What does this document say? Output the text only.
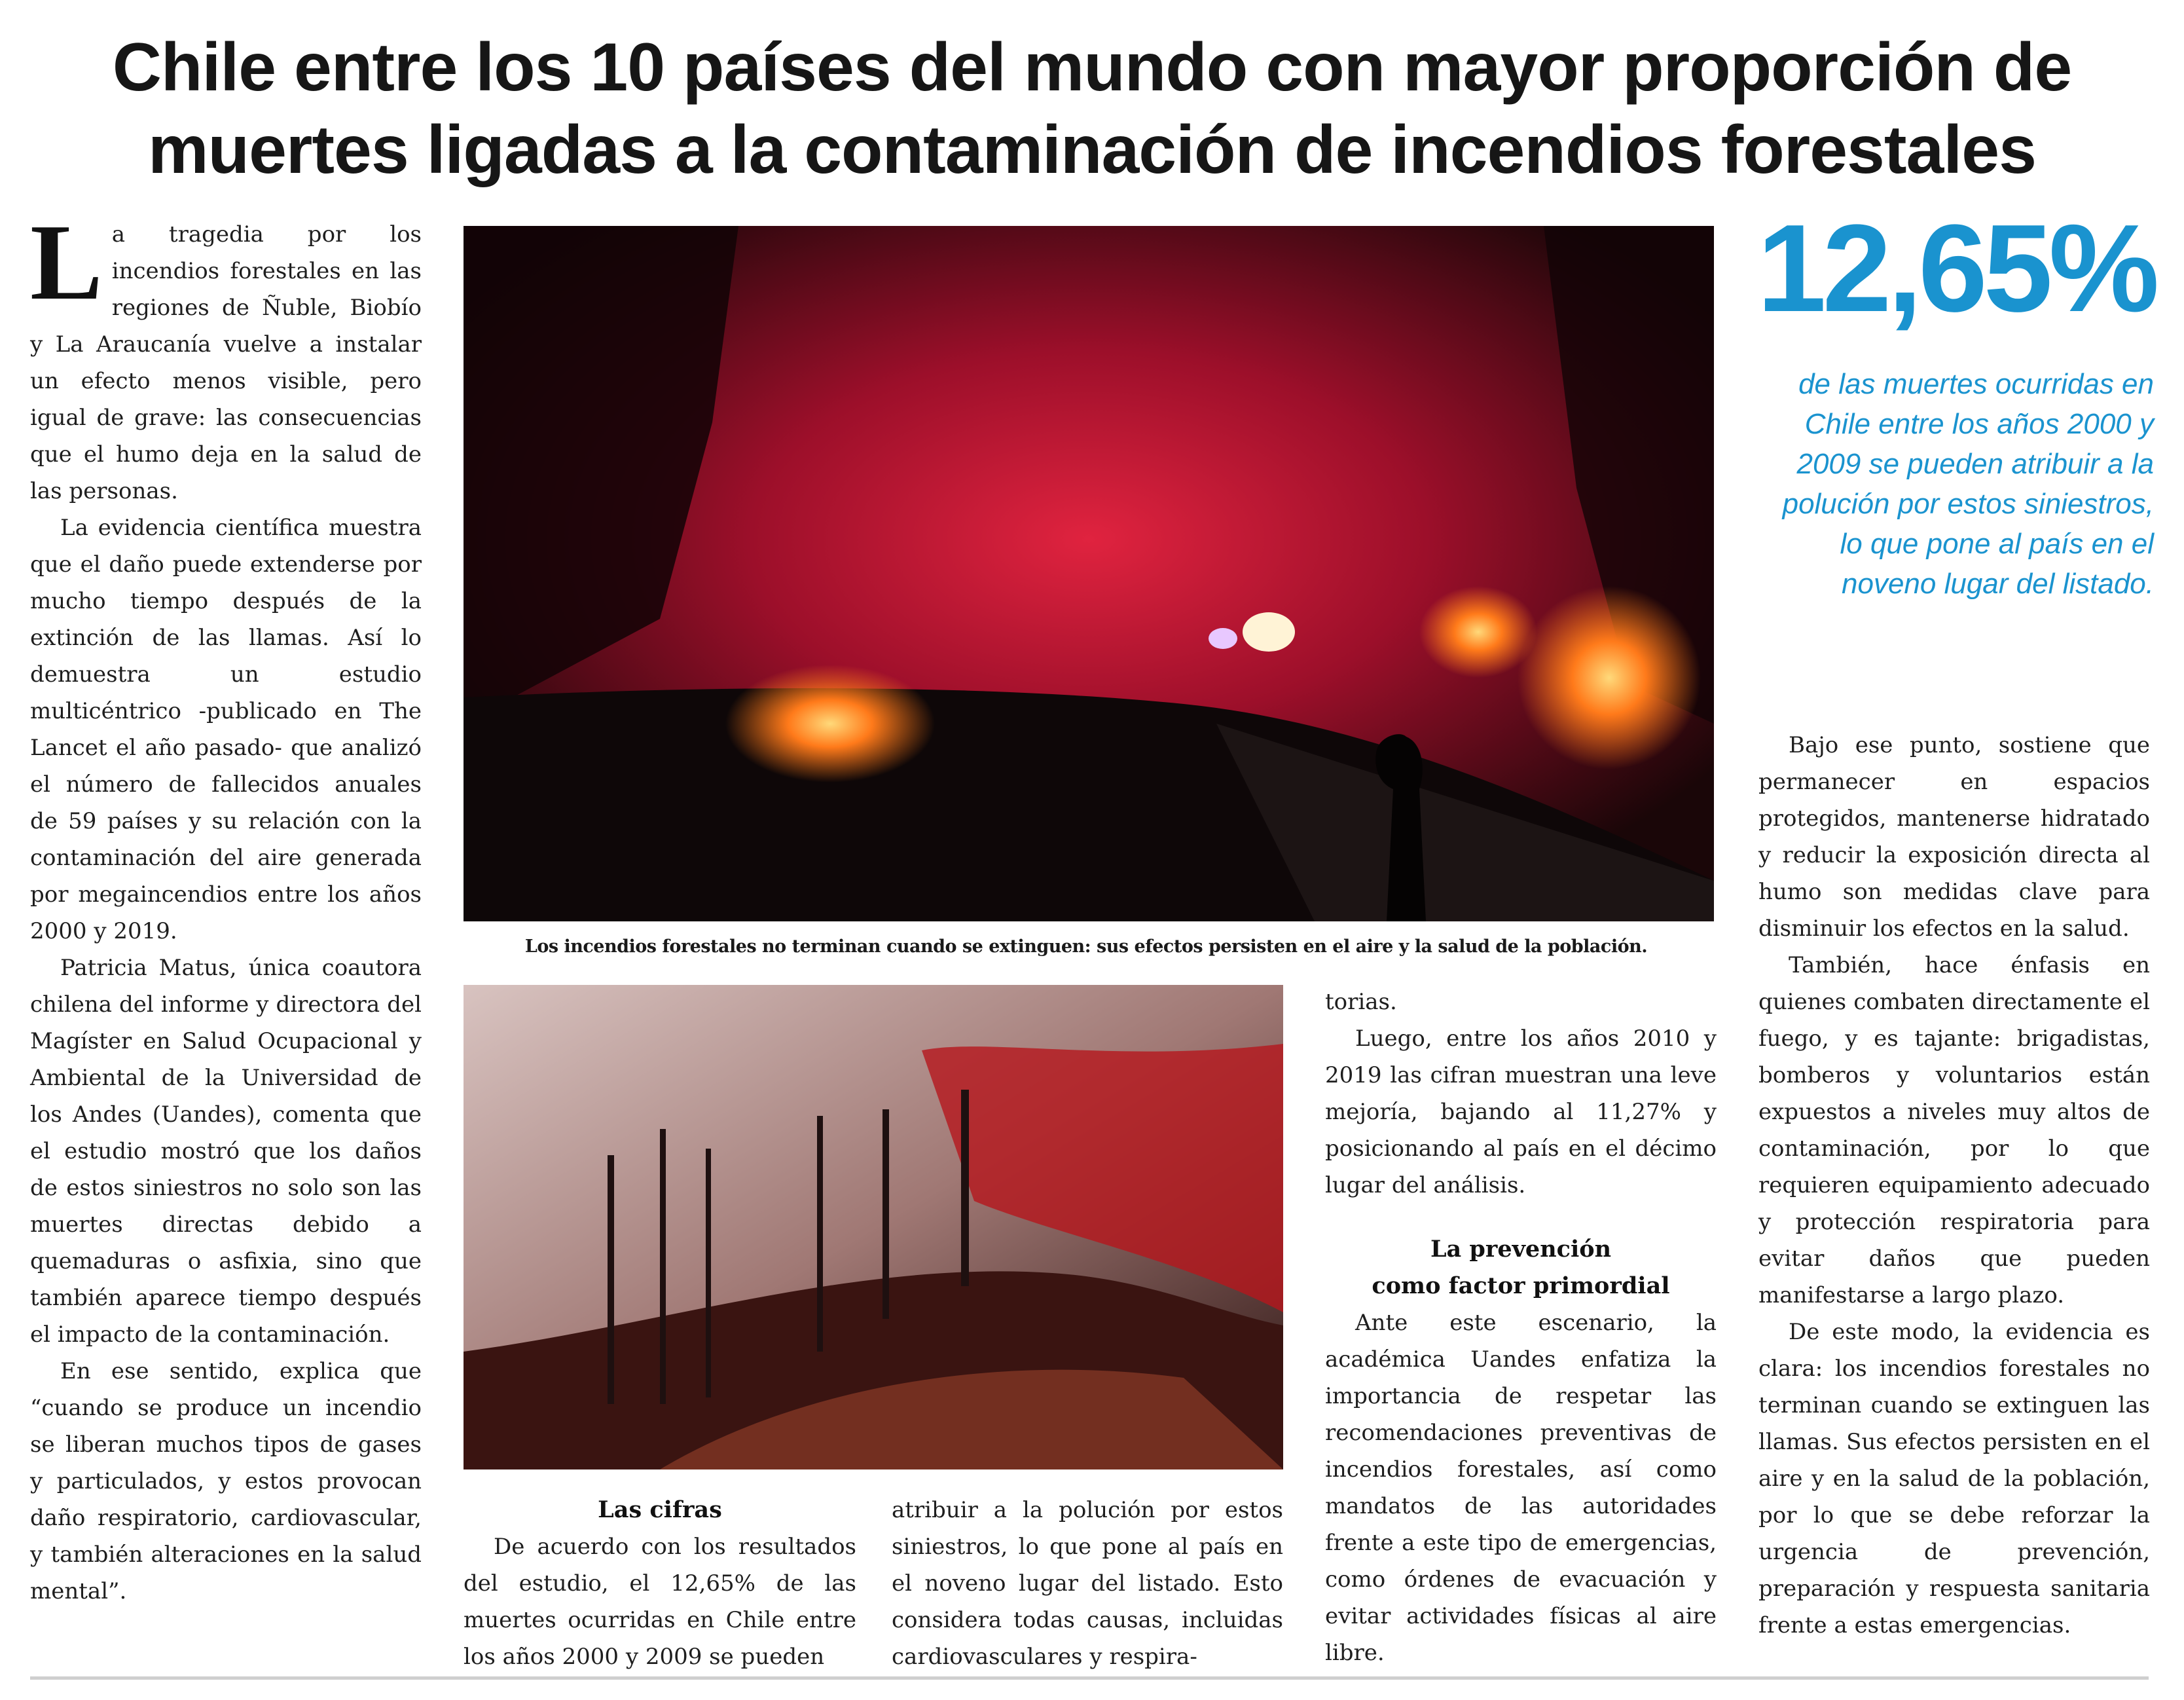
Chile entre los 10 países del mundo con mayor proporción de
muertes ligadas a la contaminación de incendios forestales
L a tragedia por los incendios forestales en las regiones de Ñuble, Biobío y La Araucanía vuelve a instalar un efecto menos visible, pero igual de grave: las consecuencias que el humo deja en la salud de las personas.

La evidencia científica muestra que el daño puede extenderse por mucho tiempo después de la extinción de las llamas. Así lo demuestra un estudio multicéntrico -publicado en The Lancet el año pasado- que analizó el número de fallecidos anuales de 59 países y su relación con la contaminación del aire generada por megaincendios entre los años 2000 y 2019.

Patricia Matus, única coautora chilena del informe y directora del Magíster en Salud Ocupacional y Ambiental de la Universidad de los Andes (Uandes), comenta que el estudio mostró que los daños de estos siniestros no solo son las muertes directas debido a quemaduras o asfixia, sino que también aparece tiempo después el impacto de la contaminación.

En ese sentido, explica que “cuando se produce un incendio se liberan muchos tipos de gases y particulados, y estos provocan daño respiratorio, cardiovascular, y también alteraciones en la salud mental”.

Los incendios forestales no terminan cuando se extinguen: sus efectos persisten en el aire y la salud de la población.
Las cifras

De acuerdo con los resultados del estudio, el 12,65% de las muertes ocurridas en Chile entre los años 2000 y 2009 se pueden

atribuir a la polución por estos siniestros, lo que pone al país en el noveno lugar del listado. Esto considera todas causas, incluidas cardiovasculares y respira-

torias.

Luego, entre los años 2010 y 2019 las cifran muestran una leve mejoría, bajando al 11,27% y posicionando al país en el décimo lugar del análisis.

La prevención
como factor primordial

Ante este escenario, la académica Uandes enfatiza la importancia de respetar las recomendaciones preventivas de incendios forestales, así como mandatos de las autoridades frente a este tipo de emergencias, como órdenes de evacuación y evitar actividades físicas al aire libre.

12,65%
de las muertes ocurridas en Chile entre los años 2000 y 2009 se pueden atribuir a la polución por estos siniestros, lo que pone al país en el noveno lugar del listado.

Bajo ese punto, sostiene que permanecer en espacios protegidos, mantenerse hidratado y reducir la exposición directa al humo son medidas clave para disminuir los efectos en la salud.

También, hace énfasis en quienes combaten directamente el fuego, y es tajante: brigadistas, bomberos y voluntarios están expuestos a niveles muy altos de contaminación, por lo que requieren equipamiento adecuado y protección respiratoria para evitar daños que pueden manifestarse a largo plazo.

De este modo, la evidencia es clara: los incendios forestales no terminan cuando se extinguen las llamas. Sus efectos persisten en el aire y en la salud de la población, por lo que se debe reforzar la urgencia de prevención, preparación y respuesta sanitaria frente a estas emergencias.
